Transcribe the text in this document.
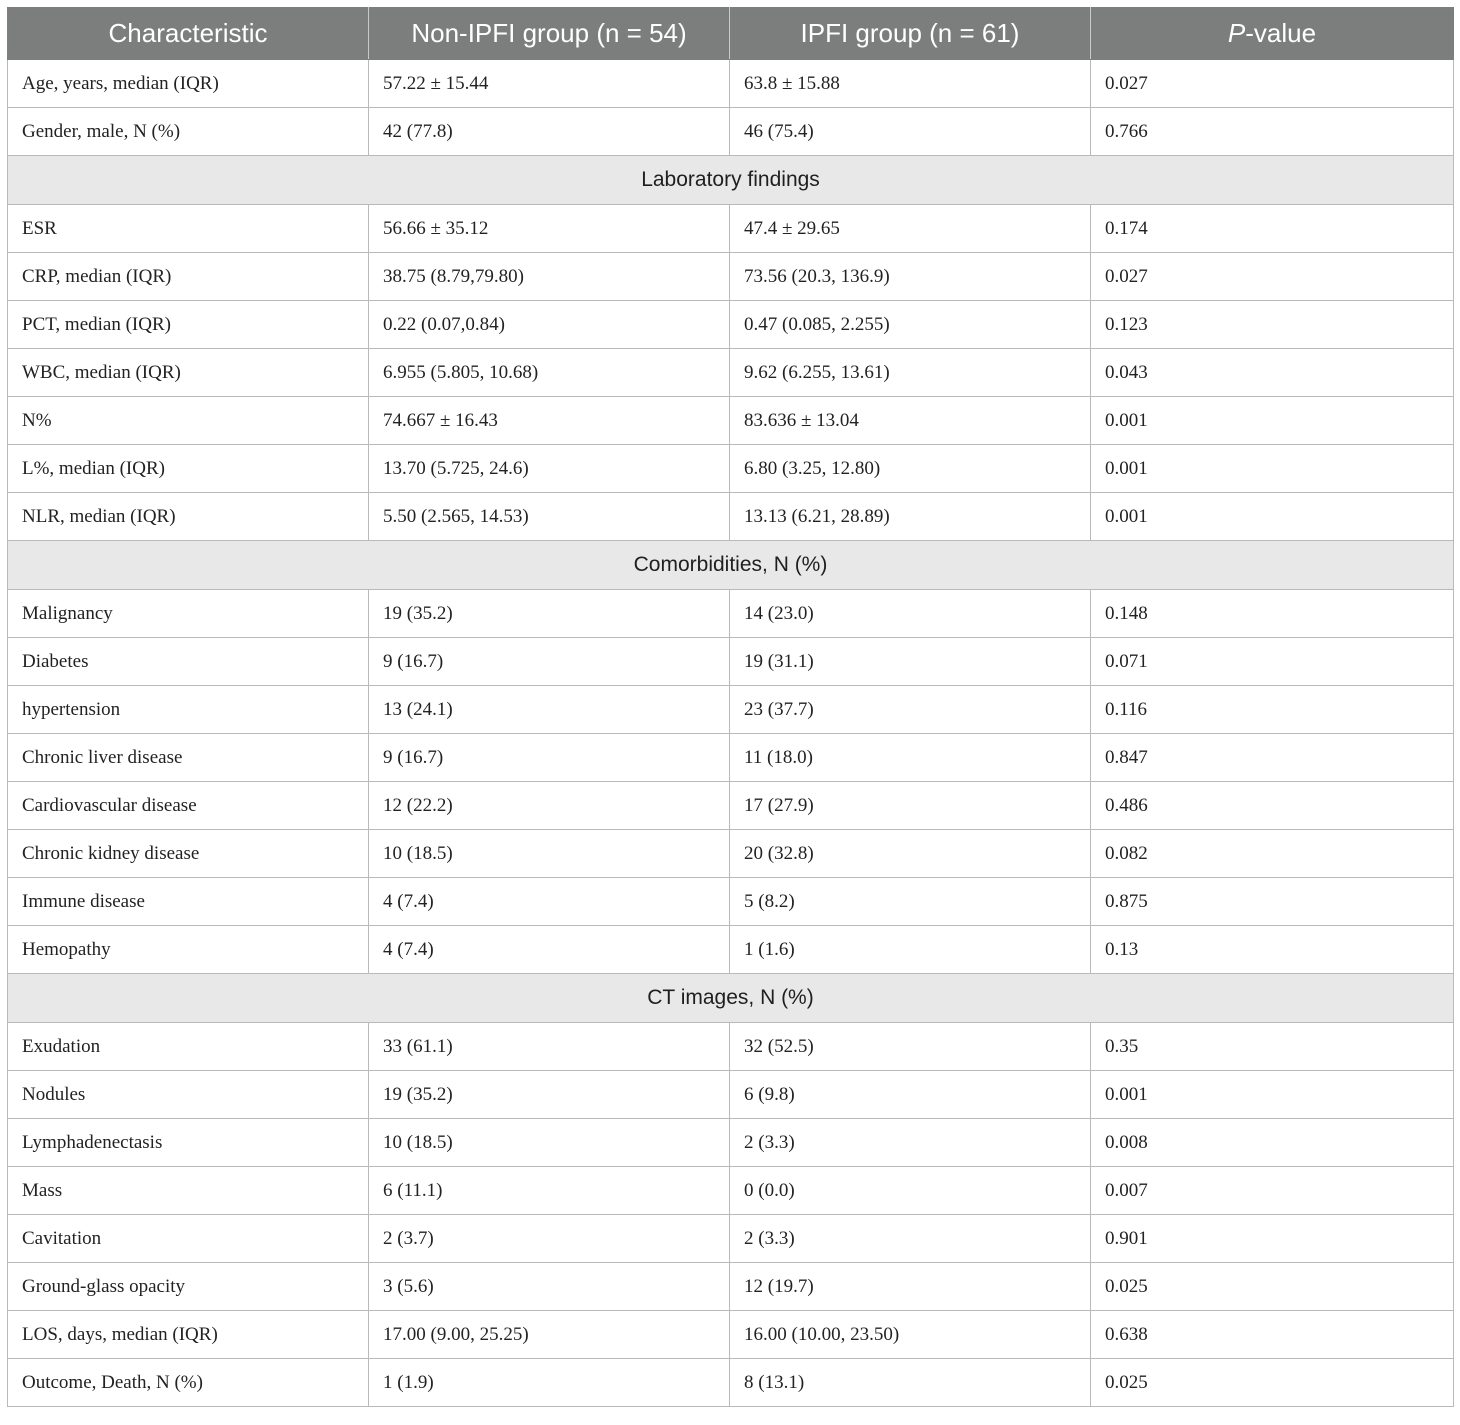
Characteristic	Non-IPFI group (n = 54)	IPFI group (n = 61)	P-value
Age, years, median (IQR)	57.22 ± 15.44	63.8 ± 15.88	0.027
Gender, male, N (%)	42 (77.8)	46 (75.4)	0.766
Laboratory findings			
ESR	56.66 ± 35.12	47.4 ± 29.65	0.174
CRP, median (IQR)	38.75 (8.79,79.80)	73.56 (20.3, 136.9)	0.027
PCT, median (IQR)	0.22 (0.07,0.84)	0.47 (0.085, 2.255)	0.123
WBC, median (IQR)	6.955 (5.805, 10.68)	9.62 (6.255, 13.61)	0.043
N%	74.667 ± 16.43	83.636 ± 13.04	0.001
L%, median (IQR)	13.70 (5.725, 24.6)	6.80 (3.25, 12.80)	0.001
NLR, median (IQR)	5.50 (2.565, 14.53)	13.13 (6.21, 28.89)	0.001
Comorbidities, N (%)			
Malignancy	19 (35.2)	14 (23.0)	0.148
Diabetes	9 (16.7)	19 (31.1)	0.071
hypertension	13 (24.1)	23 (37.7)	0.116
Chronic liver disease	9 (16.7)	11 (18.0)	0.847
Cardiovascular disease	12 (22.2)	17 (27.9)	0.486
Chronic kidney disease	10 (18.5)	20 (32.8)	0.082
Immune disease	4 (7.4)	5 (8.2)	0.875
Hemopathy	4 (7.4)	1 (1.6)	0.13
CT images, N (%)			
Exudation	33 (61.1)	32 (52.5)	0.35
Nodules	19 (35.2)	6 (9.8)	0.001
Lymphadenectasis	10 (18.5)	2 (3.3)	0.008
Mass	6 (11.1)	0 (0.0)	0.007
Cavitation	2 (3.7)	2 (3.3)	0.901
Ground-glass opacity	3 (5.6)	12 (19.7)	0.025
LOS, days, median (IQR)	17.00 (9.00, 25.25)	16.00 (10.00, 23.50)	0.638
Outcome, Death, N (%)	1 (1.9)	8 (13.1)	0.025
